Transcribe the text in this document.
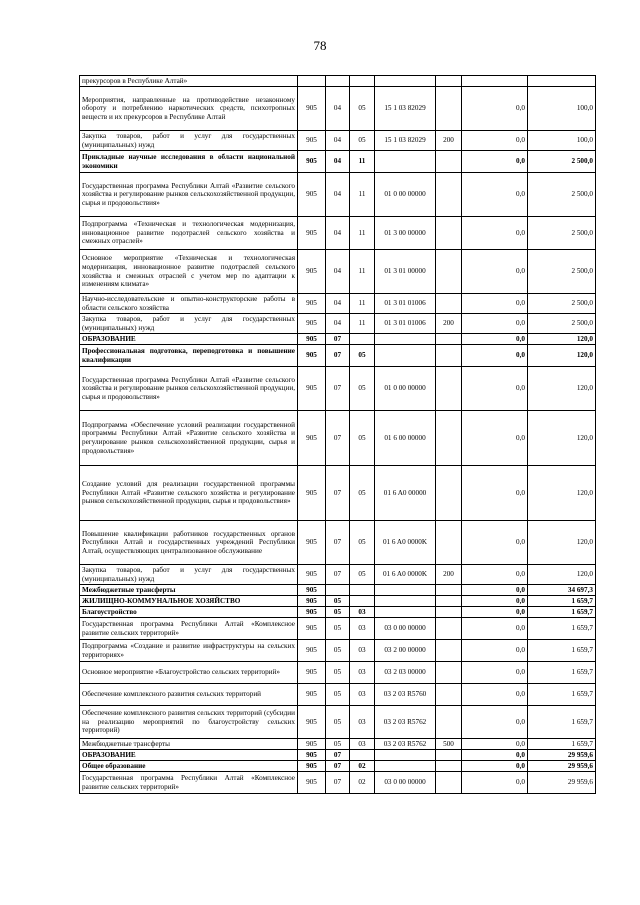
78
прекурсоров в Республике Алтай»							
Мероприятия, направленные на противодействие незаконному обороту и потреблению наркотических средств, психотропных веществ и их прекурсоров в Республике Алтай	905	04	05	15 1 03 82029		0,0	100,0
Закупка товаров, работ и услуг для государственных (муниципальных) нужд	905	04	05	15 1 03 82029	200	0,0	100,0
Прикладные научные исследования в области национальной экономики	905	04	11			0,0	2 500,0
Государственная программа Республики Алтай «Развитие сельского хозяйства и регулирование рынков сельскохозяйственной продукции, сырья и продовольствия»	905	04	11	01 0 00 00000		0,0	2 500,0
Подпрограмма «Техническая и технологическая модернизация, инновационное развитие подотраслей сельского хозяйства и смежных отраслей»	905	04	11	01 3 00 00000		0,0	2 500,0
Основное мероприятие «Техническая и технологическая модернизация, инновационное развитие подотраслей сельского хозяйства и смежных отраслей с учетом мер по адаптации к изменениям климата»	905	04	11	01 3 01 00000		0,0	2 500,0
Научно-исследовательские и опытно-конструкторские работы в области сельского хозяйства	905	04	11	01 3 01 01006		0,0	2 500,0
Закупка товаров, работ и услуг для государственных (муниципальных) нужд	905	04	11	01 3 01 01006	200	0,0	2 500,0
ОБРАЗОВАНИЕ	905	07				0,0	120,0
Профессиональная подготовка, переподготовка и повышение квалификации	905	07	05			0,0	120,0
Государственная программа Республики Алтай «Развитие сельского хозяйства и регулирование рынков сельскохозяйственной продукции, сырья и продовольствия»	905	07	05	01 0 00 00000		0,0	120,0
Подпрограмма «Обеспечение условий реализации государственной программы Республики Алтай «Развитие сельского хозяйства и регулирование рынков сельскохозяйственной продукции, сырья и продовольствия»	905	07	05	01 6 00 00000		0,0	120,0
Создание условий для реализации государственной программы Республики Алтай «Развитие сельского хозяйства и регулирование рынков сельскохозяйственной продукции, сырья и продовольствия»	905	07	05	01 6 A0 00000		0,0	120,0
Повышение квалификации работников государственных органов Республики Алтай и государственных учреждений Республики Алтай, осуществляющих централизованное обслуживание	905	07	05	01 6 A0 0000K		0,0	120,0
Закупка товаров, работ и услуг для государственных (муниципальных) нужд	905	07	05	01 6 A0 0000K	200	0,0	120,0
Межбюджетные трансферты	905					0,0	34 697,3
ЖИЛИЩНО-КОММУНАЛЬНОЕ ХОЗЯЙСТВО	905	05				0,0	1 659,7
Благоустройство	905	05	03			0,0	1 659,7
Государственная программа Республики Алтай «Комплексное развитие сельских территорий»	905	05	03	03 0 00 00000		0,0	1 659,7
Подпрограмма «Создание и развитие инфраструктуры на сельских территориях»	905	05	03	03 2 00 00000		0,0	1 659,7
Основное мероприятие «Благоустройство сельских территорий»	905	05	03	03 2 03 00000		0,0	1 659,7
Обеспечение комплексного развития сельских территорий	905	05	03	03 2 03 R5760		0,0	1 659,7
Обеспечение комплексного развития сельских территорий (субсидии на реализацию мероприятий по благоустройству сельских территорий)	905	05	03	03 2 03 R5762		0,0	1 659,7
Межбюджетные трансферты	905	05	03	03 2 03 R5762	500	0,0	1 659,7
ОБРАЗОВАНИЕ	905	07				0,0	29 959,6
Общее образование	905	07	02			0,0	29 959,6
Государственная программа Республики Алтай «Комплексное развитие сельских территорий»	905	07	02	03 0 00 00000		0,0	29 959,6
